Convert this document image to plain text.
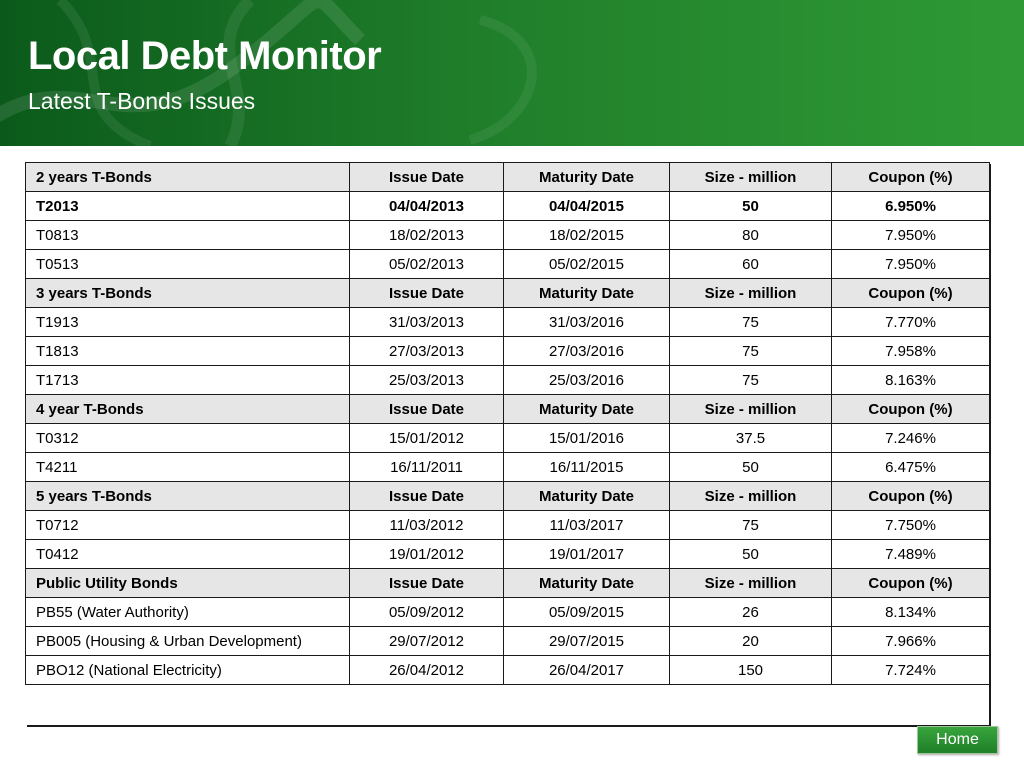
Local Debt Monitor
Latest T-Bonds Issues
2 years T-Bonds	Issue Date	Maturity Date	Size - million	Coupon (%)
T2013	04/04/2013	04/04/2015	50	6.950%
T0813	18/02/2013	18/02/2015	80	7.950%
T0513	05/02/2013	05/02/2015	60	7.950%
3 years T-Bonds	Issue Date	Maturity Date	Size - million	Coupon (%)
T1913	31/03/2013	31/03/2016	75	7.770%
T1813	27/03/2013	27/03/2016	75	7.958%
T1713	25/03/2013	25/03/2016	75	8.163%
4 year T-Bonds	Issue Date	Maturity Date	Size - million	Coupon (%)
T0312	15/01/2012	15/01/2016	37.5	7.246%
T4211	16/11/2011	16/11/2015	50	6.475%
5 years T-Bonds	Issue Date	Maturity Date	Size - million	Coupon (%)
T0712	11/03/2012	11/03/2017	75	7.750%
T0412	19/01/2012	19/01/2017	50	7.489%
Public Utility Bonds	Issue Date	Maturity Date	Size - million	Coupon (%)
PB55 (Water Authority)	05/09/2012	05/09/2015	26	8.134%
PB005 (Housing & Urban Development)	29/07/2012	29/07/2015	20	7.966%
PBO12 (National Electricity)	26/04/2012	26/04/2017	150	7.724%
Home
